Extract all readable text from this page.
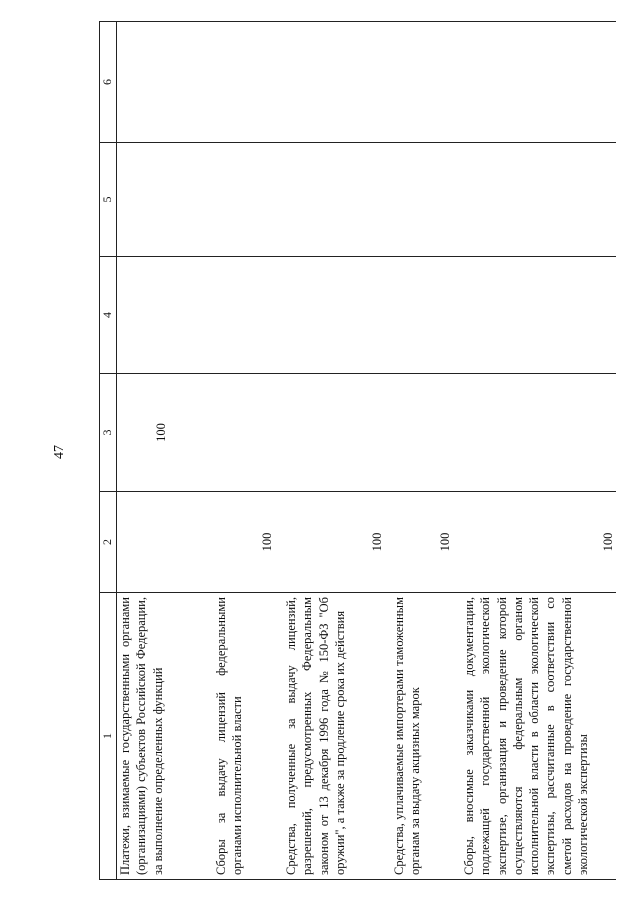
47
1	2	3	4	5	6
Платежи, взимаемые государственными органами (организациями) субъектов Российской Федерации, за выполнение определенных функций		100			
Сборы за выдачу лицензий федеральными органами исполнительной власти	100				
Средства, полученные за выдачу лицензий, разрешений, предусмотренных Федеральным законом от 13 декабря 1996 года № 150-ФЗ "Об оружии", а также за продление срока их действия	100				
Средства, уплачиваемые импортерами таможенным органам за выдачу акцизных марок	100				
Сборы, вносимые заказчиками документации, подлежащей государственной экологической экспертизе, организация и проведение которой осуществляются федеральным органом исполнительной власти в области экологической экспертизы, рассчитанные в соответствии со сметой расходов на проведение государственной экологической экспертизы	100				
